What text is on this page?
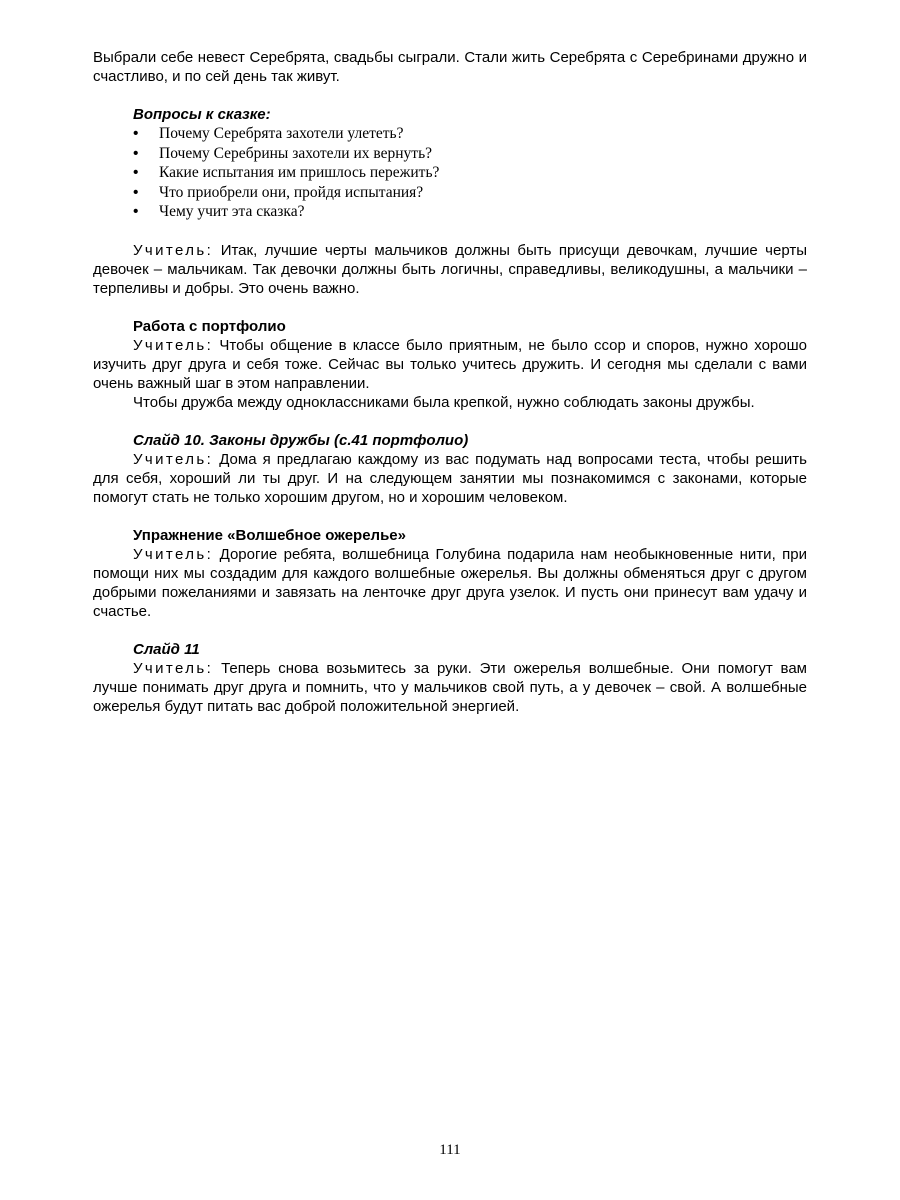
Выбрали себе невест Серебрята, свадьбы сыграли. Стали жить Серебрята с Серебринами дружно и счастливо, и по сей день так живут.

Вопросы к сказке:

• Почему Серебрята захотели улететь?
• Почему Серебрины захотели их вернуть?
• Какие испытания им пришлось пережить?
• Что приобрели они, пройдя испытания?
• Чему учит эта сказка?

Учитель: Итак, лучшие черты мальчиков должны быть присущи девочкам, лучшие черты девочек – мальчикам. Так девочки должны быть логичны, справедливы, великодушны, а мальчики – терпеливы и добры. Это очень важно.

Работа с портфолио

Учитель: Чтобы общение в классе было приятным, не было ссор и споров, нужно хорошо изучить друг друга и себя тоже. Сейчас вы только учитесь дружить. И сегодня мы сделали с вами очень важный шаг в этом направлении.

Чтобы дружба между одноклассниками была крепкой, нужно соблюдать законы дружбы.

Слайд 10. Законы дружбы (с.41 портфолио)

Учитель: Дома я предлагаю каждому из вас подумать над вопросами теста, чтобы решить для себя, хороший ли ты друг. И на следующем занятии мы познакомимся с законами, которые помогут стать не только хорошим другом, но и хорошим человеком.

Упражнение «Волшебное ожерелье»

Учитель: Дорогие ребята, волшебница Голубина подарила нам необыкновенные нити, при помощи них мы создадим для каждого волшебные ожерелья. Вы должны обменяться друг с другом добрыми пожеланиями и завязать на ленточке друг друга узелок. И пусть они принесут вам удачу и счастье.

Слайд 11

Учитель: Теперь снова возьмитесь за руки. Эти ожерелья волшебные. Они помогут вам лучше понимать друг друга и помнить, что у мальчиков свой путь, а у девочек – свой. А волшебные ожерелья будут питать вас доброй положительной энергией.

111
